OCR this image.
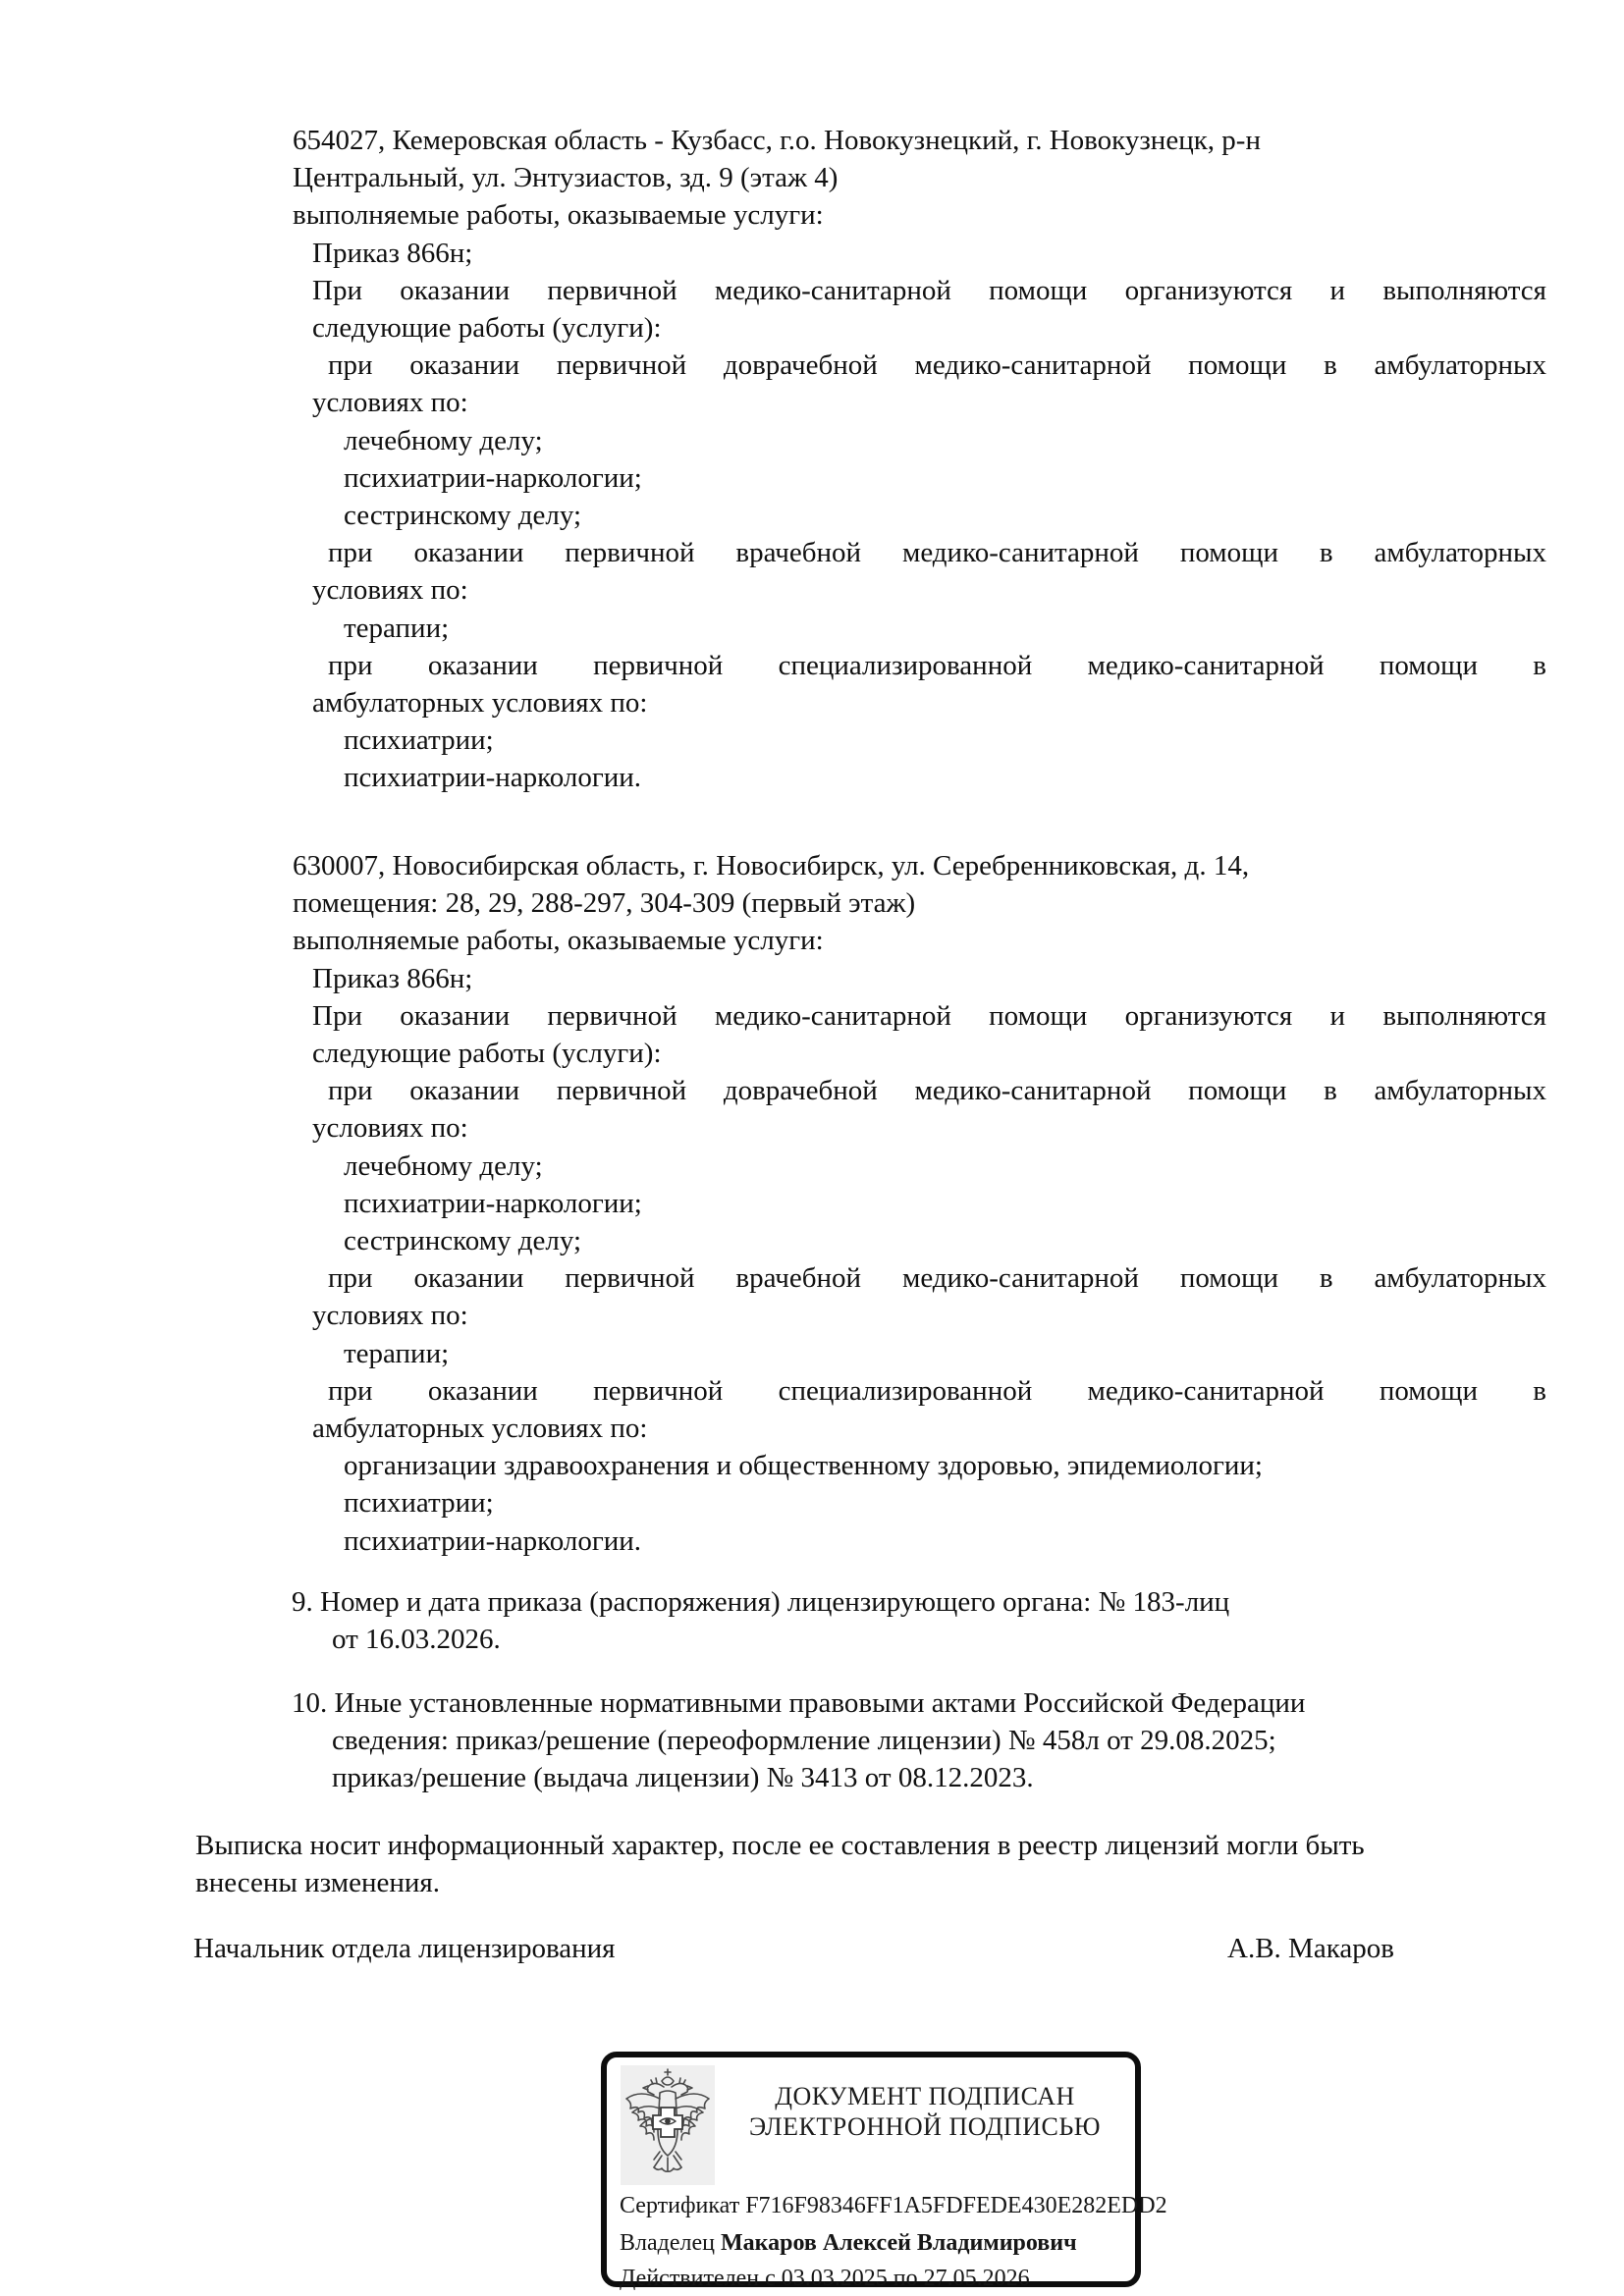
654027, Кемеровская область - Кузбасс, г.о. Новокузнецкий, г. Новокузнецк, р-н
Центральный, ул. Энтузиастов, зд. 9 (этаж 4)
выполняемые работы, оказываемые услуги:
Приказ 866н;
При оказании первичной медико-санитарной помощи организуются и выполняются
следующие работы (услуги):
при оказании первичной доврачебной медико-санитарной помощи в амбулаторных
условиях по:
лечебному делу;
психиатрии-наркологии;
сестринскому делу;
при оказании первичной врачебной медико-санитарной помощи в амбулаторных
условиях по:
терапии;
при оказании первичной специализированной медико-санитарной помощи в
амбулаторных условиях по:
психиатрии;
психиатрии-наркологии.
630007, Новосибирская область, г. Новосибирск, ул. Серебренниковская, д. 14,
помещения: 28, 29, 288-297, 304-309 (первый этаж)
выполняемые работы, оказываемые услуги:
Приказ 866н;
При оказании первичной медико-санитарной помощи организуются и выполняются
следующие работы (услуги):
при оказании первичной доврачебной медико-санитарной помощи в амбулаторных
условиях по:
лечебному делу;
психиатрии-наркологии;
сестринскому делу;
при оказании первичной врачебной медико-санитарной помощи в амбулаторных
условиях по:
терапии;
при оказании первичной специализированной медико-санитарной помощи в
амбулаторных условиях по:
организации здравоохранения и общественному здоровью, эпидемиологии;
психиатрии;
психиатрии-наркологии.
9. Номер и дата приказа (распоряжения) лицензирующего органа: № 183-лиц
от 16.03.2026.
10. Иные установленные нормативными правовыми актами Российской Федерации
сведения: приказ/решение (переоформление лицензии) № 458л от 29.08.2025;
приказ/решение (выдача лицензии) № 3413 от 08.12.2023.
Выписка носит информационный характер, после ее составления в реестр лицензий могли быть
внесены изменения.
Начальник отдела лицензирования	А.В. Макаров
ДОКУМЕНТ ПОДПИСАН
ЭЛЕКТРОННОЙ ПОДПИСЬЮ
Сертификат F716F98346FF1A5FDFEDE430E282EDD2
Владелец Макаров Алексей Владимирович
Действителен с 03.03.2025 по 27.05.2026
